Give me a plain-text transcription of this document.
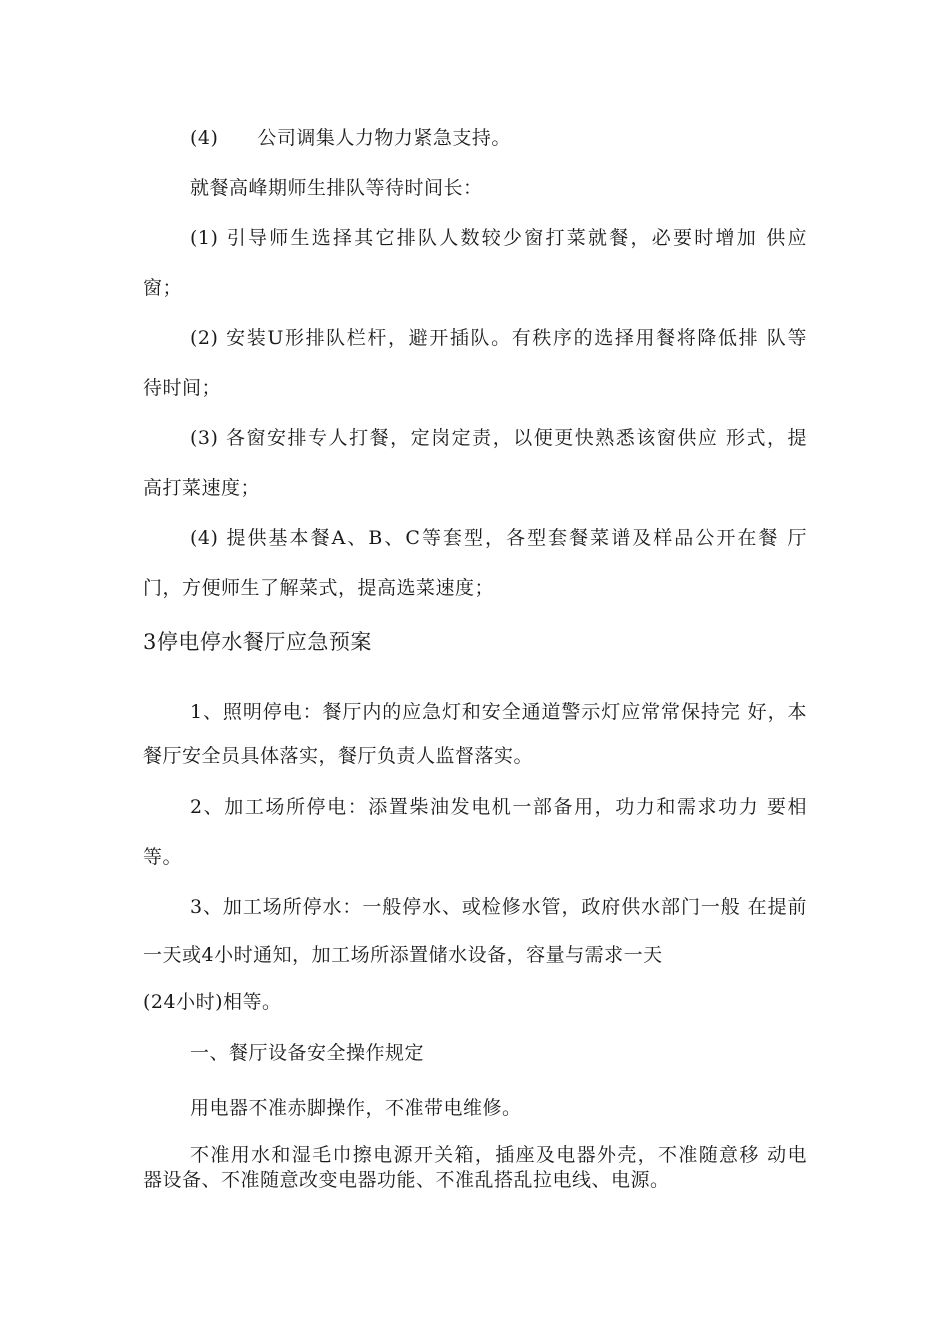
(4)　　公司调集人力物力紧急支持。
就餐高峰期师生排队等待时间长：
(1) 引导师生选择其它排队人数较少窗打菜就餐，必要时增加 供应
窗；
(2) 安装U形排队栏杆，避开插队。有秩序的选择用餐将降低排 队等
待时间；
(3) 各窗安排专人打餐，定岗定责，以便更快熟悉该窗供应 形式，提
高打菜速度；
(4) 提供基本餐A、B、C等套型，各型套餐菜谱及样品公开在餐 厅
门，方便师生了解菜式，提高选菜速度；
3停电停水餐厅应急预案
1、照明停电：餐厅内的应急灯和安全通道警示灯应常常保持完 好，本
餐厅安全员具体落实，餐厅负责人监督落实。
2、加工场所停电：添置柴油发电机一部备用，功力和需求功力 要相
等。
3、加工场所停水：一般停水、或检修水管，政府供水部门一般 在提前
一天或4小时通知，加工场所添置储水设备，容量与需求一天
(24小时)相等。
一、餐厅设备安全操作规定
用电器不准赤脚操作，不准带电维修。
不准用水和湿毛巾擦电源开关箱，插座及电器外壳，不准随意移 动电
器设备、不准随意改变电器功能、不准乱搭乱拉电线、电源。
